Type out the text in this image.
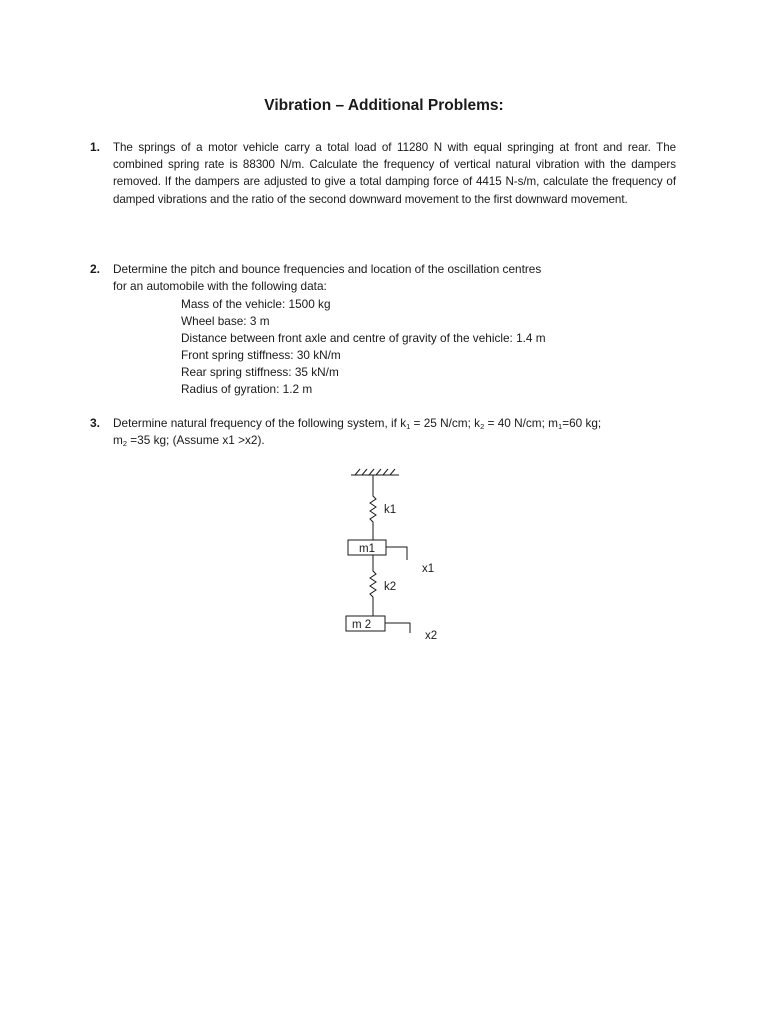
Vibration – Additional Problems:
1. The springs of a motor vehicle carry a total load of 11280 N with equal springing at front and rear. The combined spring rate is 88300 N/m. Calculate the frequency of vertical natural vibration with the dampers removed. If the dampers are adjusted to give a total damping force of 4415 N-s/m, calculate the frequency of damped vibrations and the ratio of the second downward movement to the first downward movement.
2. Determine the pitch and bounce frequencies and location of the oscillation centres
for an automobile with the following data:
Mass of the vehicle: 1500 kg
Wheel base: 3 m
Distance between front axle and centre of gravity of the vehicle: 1.4 m
Front spring stiffness: 30 kN/m
Rear spring stiffness: 35 kN/m
Radius of gyration: 1.2 m
3. Determine natural frequency of the following system, if $k_1 = 25$ N/cm; $k_2 = 40$ N/cm; $m_1=60$ kg;
$m_2 =35$ kg; (Assume x1 >x2).
k1
m1
x1
k2
m 2
x2
